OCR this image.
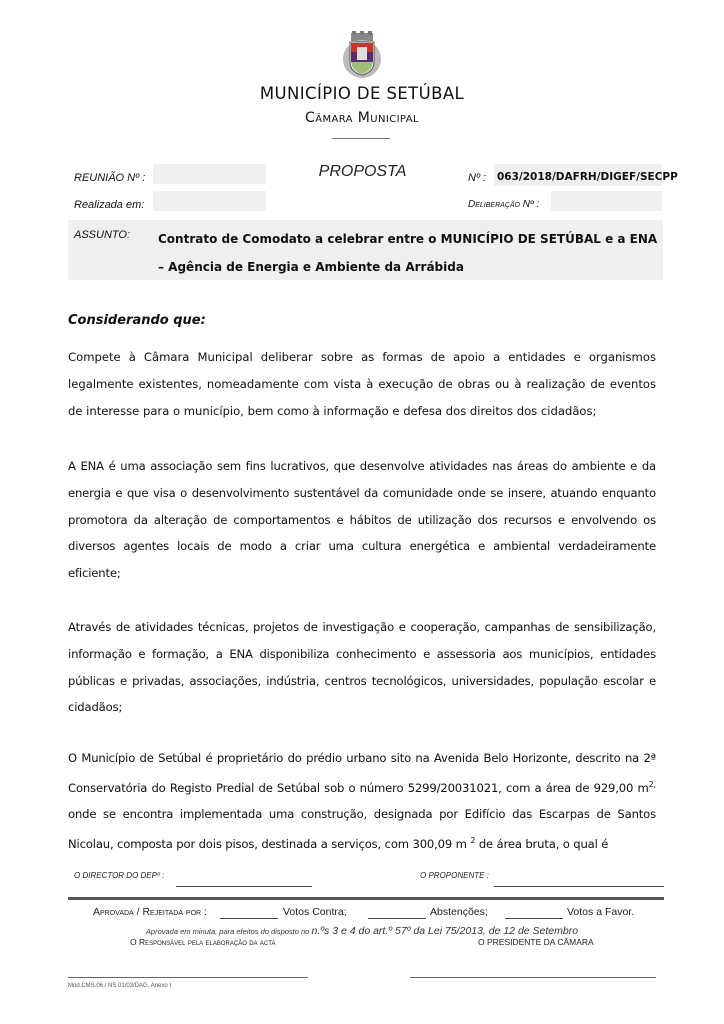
MUNICÍPIO DE SETÚBAL
Câmara Municipal
REUNIÃO Nº :
Realizada em:
PROPOSTA	Nº : 063/2018/DAFRH/DIGEF/SECPP
Deliberação Nº :
ASSUNTO: Contrato de Comodato a celebrar entre o MUNICÍPIO DE SETÚBAL e a ENA – Agência de Energia e Ambiente da Arrábida
Considerando que:

Compete à Câmara Municipal deliberar sobre as formas de apoio a entidades e organismos legalmente existentes, nomeadamente com vista à execução de obras ou à realização de eventos de interesse para o município, bem como à informação e defesa dos direitos dos cidadãos;

A ENA é uma associação sem fins lucrativos, que desenvolve atividades nas áreas do ambiente e da energia e que visa o desenvolvimento sustentável da comunidade onde se insere, atuando enquanto promotora da alteração de comportamentos e hábitos de utilização dos recursos e envolvendo os diversos agentes locais de modo a criar uma cultura energética e ambiental verdadeiramente eficiente;

Através de atividades técnicas, projetos de investigação e cooperação, campanhas de sensibilização, informação e formação, a ENA disponibiliza conhecimento e assessoria aos municípios, entidades públicas e privadas, associações, indústria, centros tecnológicos, universidades, população escolar e cidadãos;

O Município de Setúbal é proprietário do prédio urbano sito na Avenida Belo Horizonte, descrito na 2ª Conservatória do Registo Predial de Setúbal sob o número 5299/20031021, com a área de 929,00 $m^{2,}$ onde se encontra implementada uma construção, designada por Edifício das Escarpas de Santos Nicolau, composta por dois pisos, destinada a serviços, com 300,09 m $^2$ de área bruta, o qual é

O DIRECTOR DO DEPº :	O PROPONENTE :
Aprovada / Rejeitada por :	Votos Contra;	Abstenções;	Votos a Favor.
Aprovada em minuta, para efeitos do disposto no n.ºs 3 e 4 do art.º 57º da Lei 75/2013, de 12 de Setembro
O Responsável pela elaboração da acta	O PRESIDENTE DA CÂMARA
Mod.CMS.06 / NS 01/03/DAG, Anexo I
